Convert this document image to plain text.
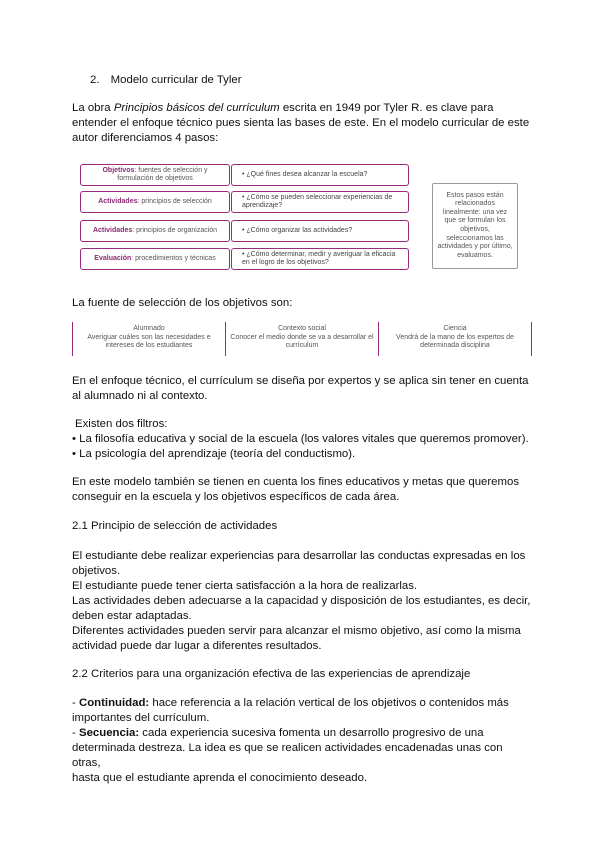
2. Modelo curricular de Tyler
La obra Principios básicos del currículum escrita en 1949 por Tyler R. es clave para
entender el enfoque técnico pues sienta las bases de este. En el modelo curricular de este
autor diferenciamos 4 pasos:
Objetivos: fuentes de selección y formulación de objetivos
• ¿Qué fines desea alcanzar la escuela?
Actividades: principios de selección
• ¿Cómo se pueden seleccionar experiencias de aprendizaje?
Actividades: principios de organización	• ¿Cómo organizar las actividades?
Evaluación: procedimientos y técnicas
• ¿Cómo determinar, medir y averiguar la eficacia en el logro de los objetivos?
Estos pasos están relacionados linealmente: una vez que se formulan los objetivos, seleccionamos las actividades y por último, evaluamos.
La fuente de selección de los objetivos son:
Alumnado
Averiguar cuáles son las necesidades e intereses de los estudiantes
Contexto social
Conocer el medio donde se va a desarrollar el currículum
Ciencia
Vendrá de la mano de los expertos de determinada disciplina
En el enfoque técnico, el currículum se diseña por expertos y se aplica sin tener en cuenta
al alumnado ni al contexto.
Existen dos filtros:
• La filosofía educativa y social de la escuela (los valores vitales que queremos promover).
• La psicología del aprendizaje (teoría del conductismo).
En este modelo también se tienen en cuenta los fines educativos y metas que queremos
conseguir en la escuela y los objetivos específicos de cada área.
2.1 Principio de selección de actividades
El estudiante debe realizar experiencias para desarrollar las conductas expresadas en los
objetivos.
El estudiante puede tener cierta satisfacción a la hora de realizarlas.
Las actividades deben adecuarse a la capacidad y disposición de los estudiantes, es decir,
deben estar adaptadas.
Diferentes actividades pueden servir para alcanzar el mismo objetivo, así como la misma
actividad puede dar lugar a diferentes resultados.
2.2 Criterios para una organización efectiva de las experiencias de aprendizaje
- Continuidad: hace referencia a la relación vertical de los objetivos o contenidos más
importantes del currículum.
- Secuencia: cada experiencia sucesiva fomenta un desarrollo progresivo de una
determinada destreza. La idea es que se realicen actividades encadenadas unas con otras,
hasta que el estudiante aprenda el conocimiento deseado.
